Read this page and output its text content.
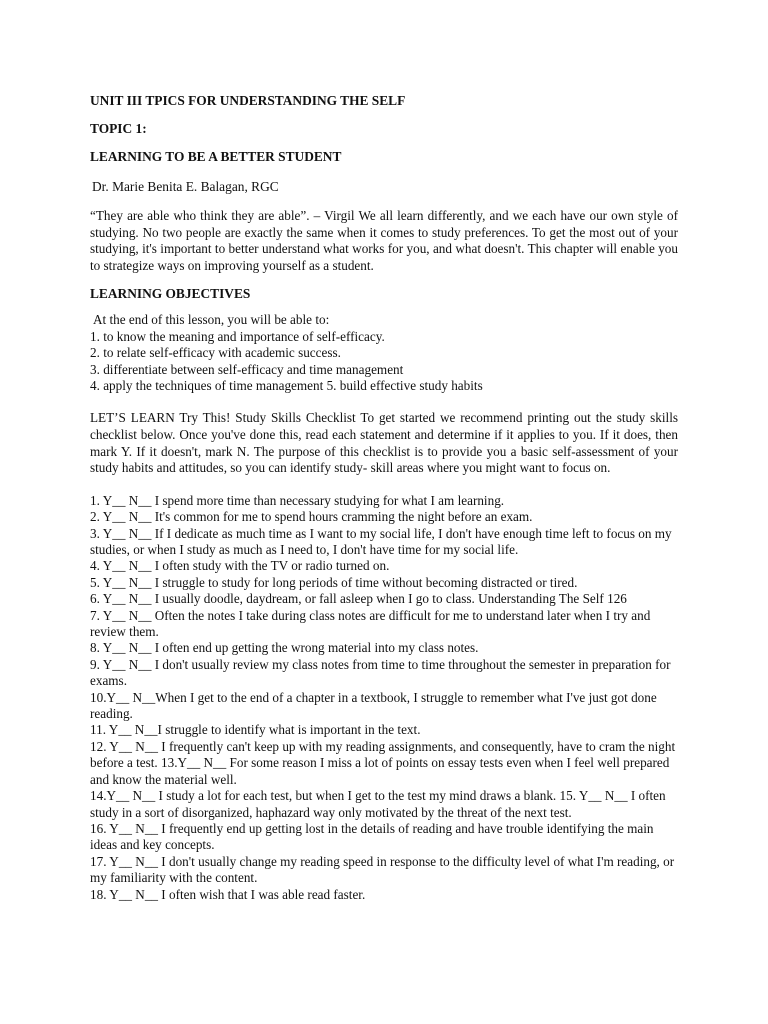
UNIT III TPICS FOR UNDERSTANDING THE SELF

TOPIC 1:

LEARNING TO BE A BETTER STUDENT

Dr. Marie Benita E. Balagan, RGC

“They are able who think they are able”. – Virgil We all learn differently, and we each have our own style of studying. No two people are exactly the same when it comes to study preferences. To get the most out of your studying, it's important to better understand what works for you, and what doesn't. This chapter will enable you to strategize ways on improving yourself as a student.

LEARNING OBJECTIVES

At the end of this lesson, you will be able to:

1. to know the meaning and importance of self-efficacy.
2. to relate self-efficacy with academic success.
3. differentiate between self-efficacy and time management
4. apply the techniques of time management 5. build effective study habits

LET’S LEARN Try This! Study Skills Checklist To get started we recommend printing out the study skills checklist below. Once you've done this, read each statement and determine if it applies to you. If it does, then mark Y. If it doesn't, mark N. The purpose of this checklist is to provide you a basic self-assessment of your study habits and attitudes, so you can identify study- skill areas where you might want to focus on.

1. Y__ N__ I spend more time than necessary studying for what I am learning.
2. Y__ N__ It's common for me to spend hours cramming the night before an exam.
3. Y__ N__ If I dedicate as much time as I want to my social life, I don't have enough time left to focus on my studies, or when I study as much as I need to, I don't have time for my social life.
4. Y__ N__ I often study with the TV or radio turned on.
5. Y__ N__ I struggle to study for long periods of time without becoming distracted or tired.
6. Y__ N__ I usually doodle, daydream, or fall asleep when I go to class. Understanding The Self 126
7. Y__ N__ Often the notes I take during class notes are difficult for me to understand later when I try and review them.
8. Y__ N__ I often end up getting the wrong material into my class notes.
9. Y__ N__ I don't usually review my class notes from time to time throughout the semester in preparation for exams.
10.Y__ N__When I get to the end of a chapter in a textbook, I struggle to remember what I've just got done reading.
11. Y__ N__I struggle to identify what is important in the text.
12. Y__ N__ I frequently can't keep up with my reading assignments, and consequently, have to cram the night before a test. 13.Y__ N__ For some reason I miss a lot of points on essay tests even when I feel well prepared and know the material well.
14.Y__ N__ I study a lot for each test, but when I get to the test my mind draws a blank. 15. Y__ N__ I often study in a sort of disorganized, haphazard way only motivated by the threat of the next test.
16. Y__ N__ I frequently end up getting lost in the details of reading and have trouble identifying the main ideas and key concepts.
17. Y__ N__ I don't usually change my reading speed in response to the difficulty level of what I'm reading, or my familiarity with the content.
18. Y__ N__ I often wish that I was able read faster.
